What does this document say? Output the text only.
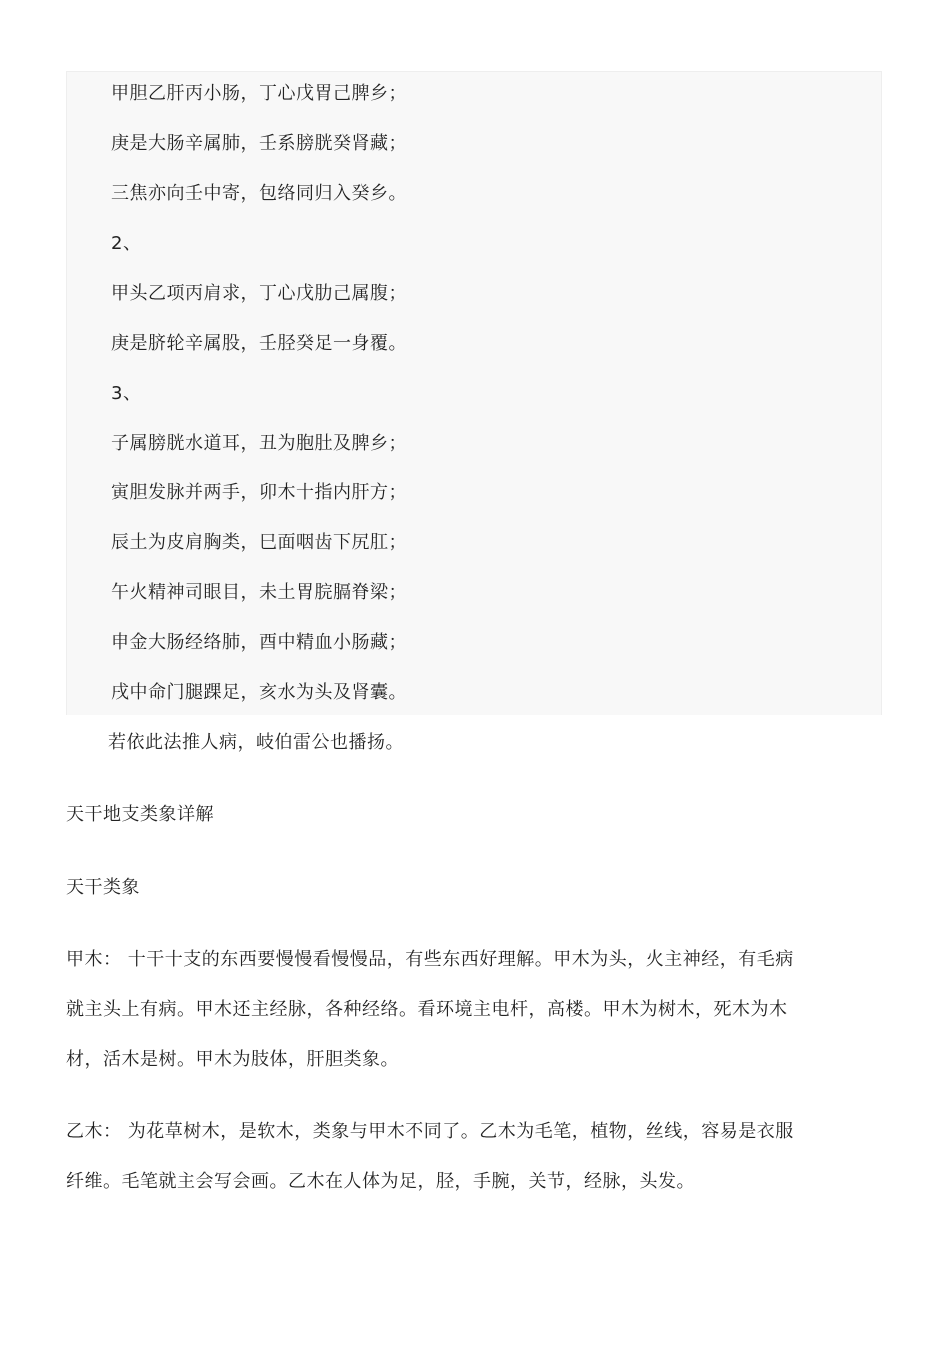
甲胆乙肝丙小肠，丁心戊胃己脾乡；
庚是大肠辛属肺，壬系膀胱癸肾藏；
三焦亦向壬中寄，包络同归入癸乡。
2、
甲头乙项丙肩求，丁心戊肋己属腹；
庚是脐轮辛属股，壬胫癸足一身覆。
3、
子属膀胱水道耳，丑为胞肚及脾乡；
寅胆发脉并两手，卯木十指内肝方；
辰土为皮肩胸类，巳面咽齿下尻肛；
午火精神司眼目，未土胃脘膈脊梁；
申金大肠经络肺，酉中精血小肠藏；
戌中命门腿踝足，亥水为头及肾囊。
若依此法推人病，岐伯雷公也播扬。
天干地支类象详解
天干类象
甲木： 十干十支的东西要慢慢看慢慢品，有些东西好理解。甲木为头，火主神经，有毛病
就主头上有病。甲木还主经脉，各种经络。看环境主电杆，高楼。甲木为树木，死木为木
材，活木是树。甲木为肢体，肝胆类象。
乙木： 为花草树木，是软木，类象与甲木不同了。乙木为毛笔，植物，丝线，容易是衣服
纤维。毛笔就主会写会画。乙木在人体为足，胫，手腕，关节，经脉，头发。
